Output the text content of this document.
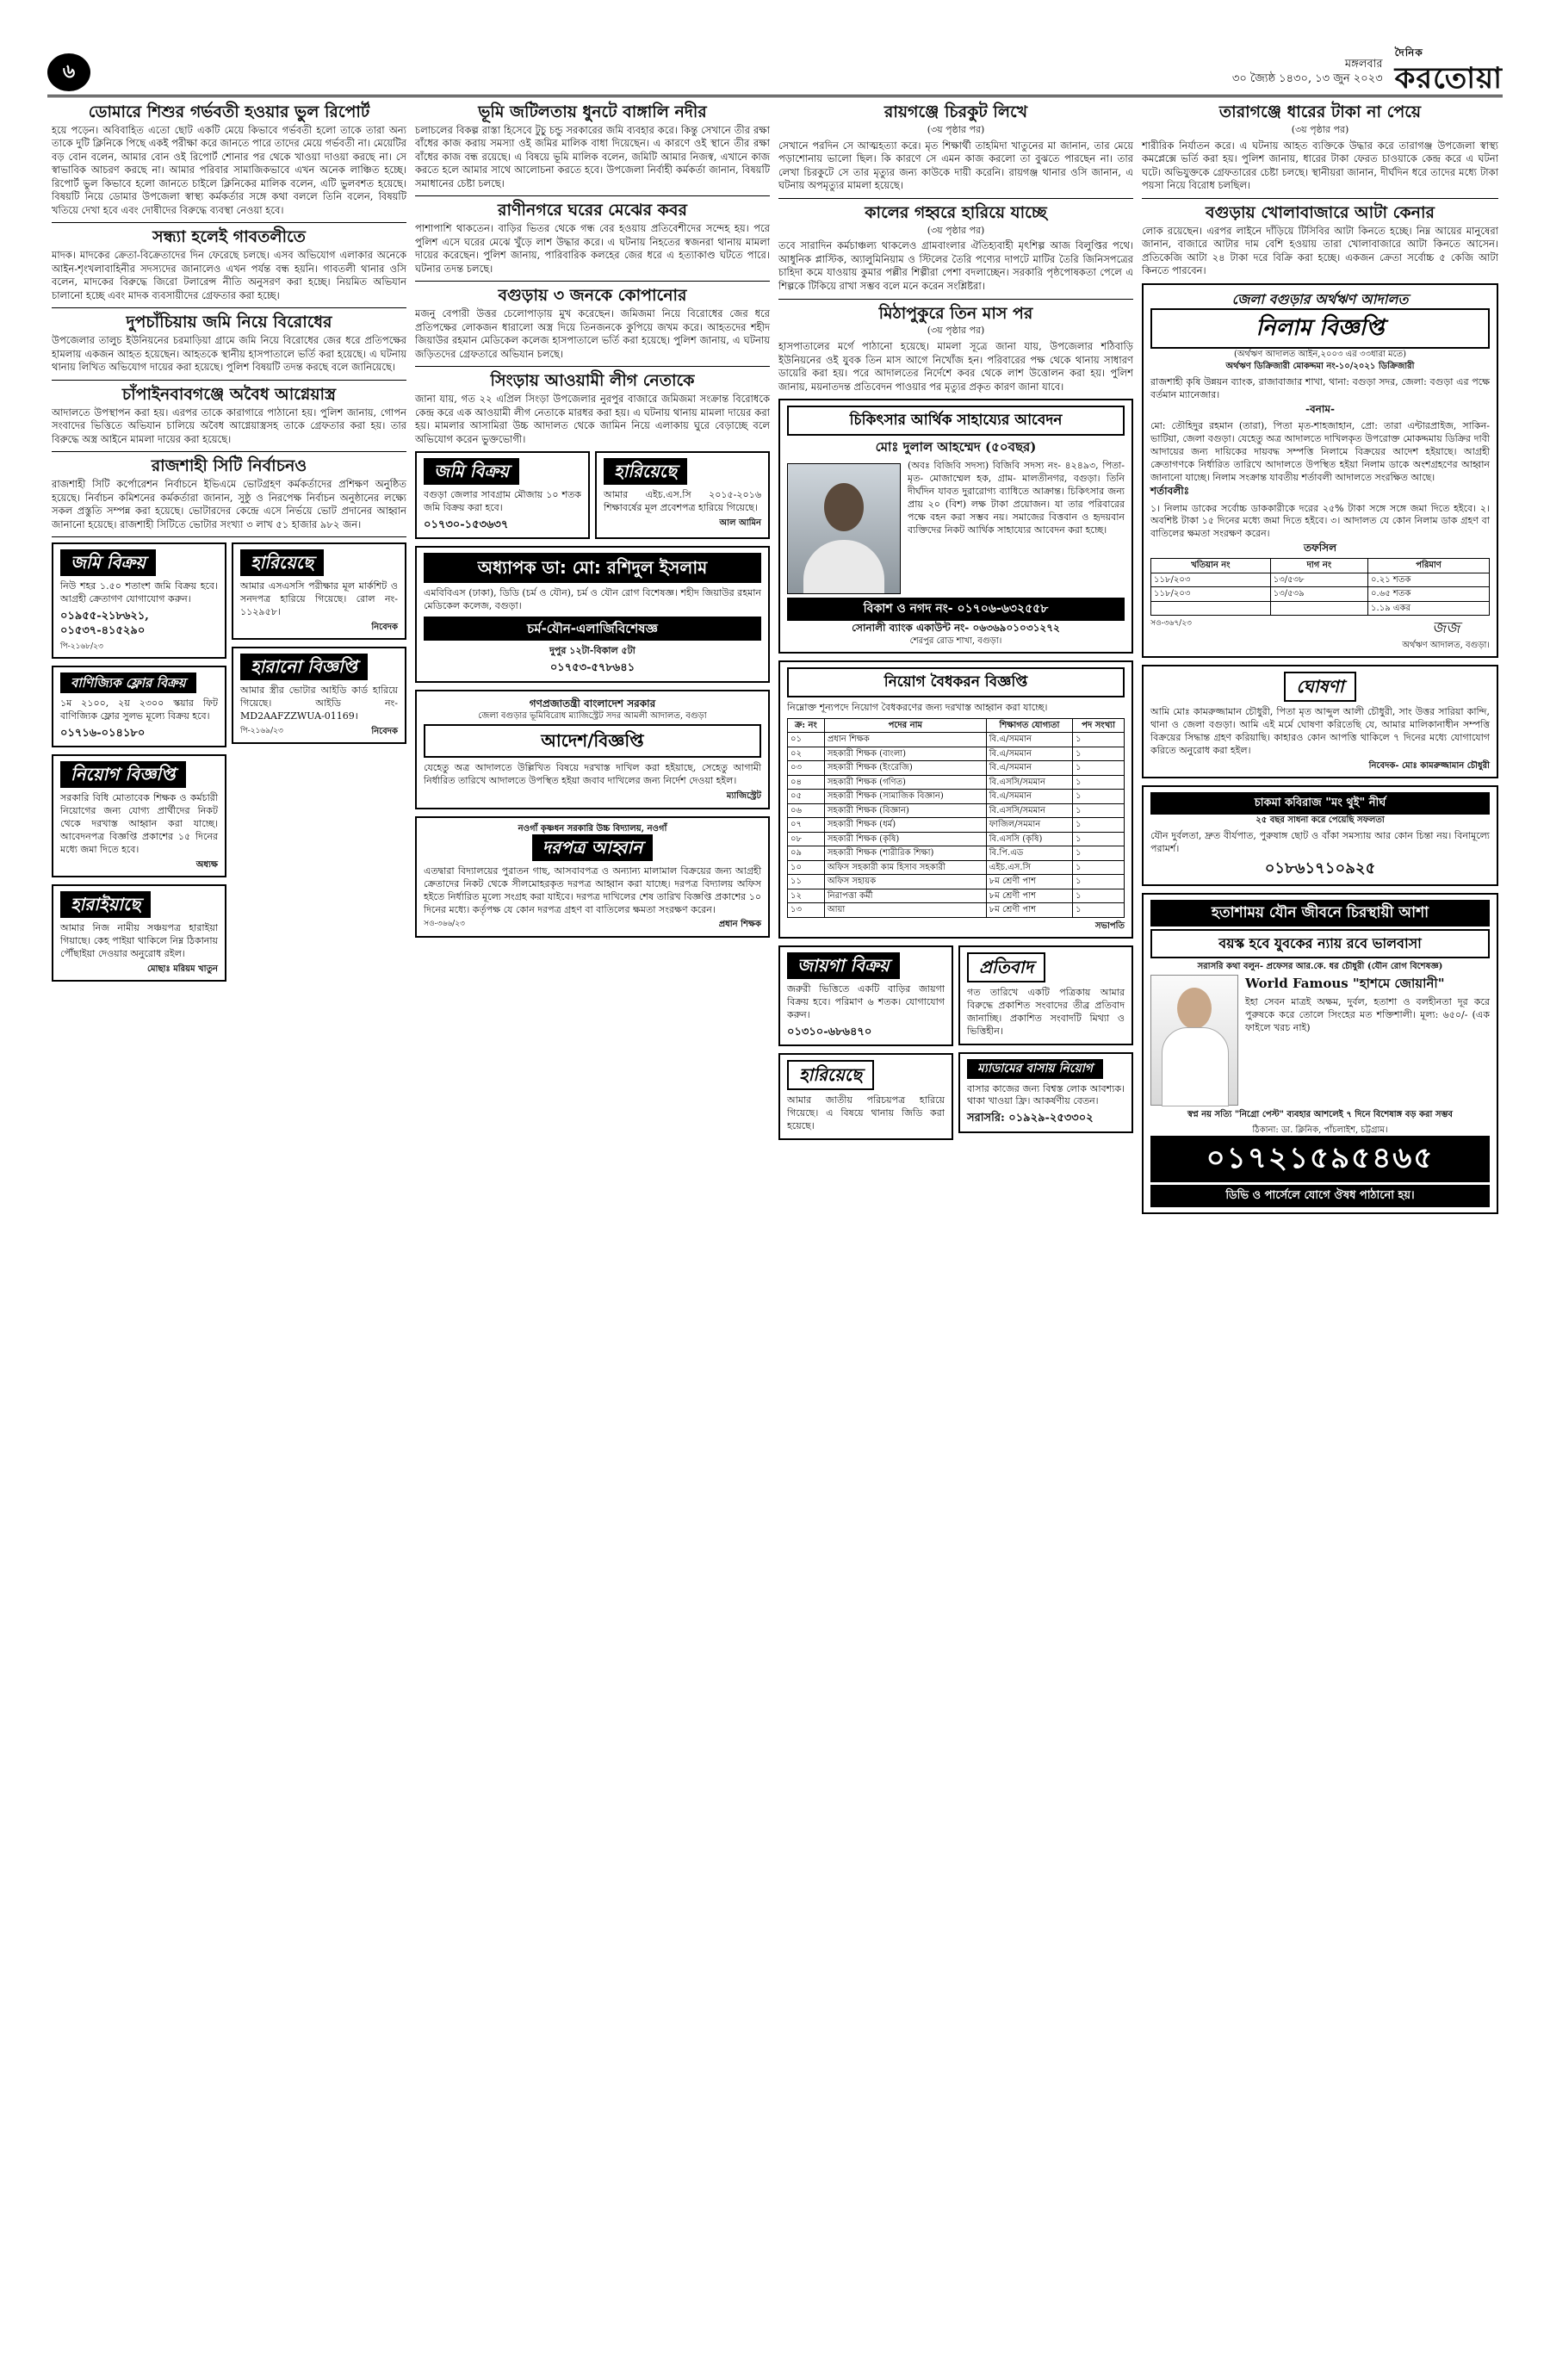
৬	মঙ্গলবার
৩০ জ্যৈষ্ঠ ১৪৩০, ১৩ জুন ২০২৩
দৈনিক
করতোয়া
ডোমারে শিশুর গর্ভবতী হওয়ার ভুল রিপোর্ট

হয়ে পড়েন। অবিবাহিত এতো ছোট একটি মেয়ে কিভাবে গর্ভবতী হলো তাকে তারা অন্য তাকে দুটি ক্লিনিকে পিছে একই পরীক্ষা করে জানতে পারে তাদের মেয়ে গর্ভবতী না। মেয়েটির বড় বোন বলেন, আমার বোন ওই রিপোর্ট শোনার পর থেকে খাওয়া দাওয়া করছে না। সে স্বাভাবিক আচরণ করছে না। আমার পরিবার সামাজিকভাবে এখন অনেক লাঞ্চিত হচ্ছে। রিপোর্ট ভুল কিভাবে হলো জানতে চাইলে ক্লিনিকের মালিক বলেন, এটি ভুলবশত হয়েছে। বিষয়টি নিয়ে ডোমার উপজেলা স্বাস্থ্য কর্মকর্তার সঙ্গে কথা বললে তিনি বলেন, বিষয়টি খতিয়ে দেখা হবে এবং দোষীদের বিরুদ্ধে ব্যবস্থা নেওয়া হবে।

সন্ধ্যা হলেই গাবতলীতে

মাদক। মাদকের ক্রেতা-বিক্রেতাদের দিন ফেরেছে চলছে। এসব অভিযোগ এলাকার অনেকে আইন-শৃংখলাবাহিনীর সদস্যদের জানালেও এখন পর্যন্ত বন্ধ হয়নি। গাবতলী থানার ওসি বলেন, মাদকের বিরুদ্ধে জিরো টলারেন্স নীতি অনুসরণ করা হচ্ছে। নিয়মিত অভিযান চালানো হচ্ছে এবং মাদক ব্যবসায়ীদের গ্রেফতার করা হচ্ছে।

দুপচাঁচিয়ায় জমি নিয়ে বিরোধের

উপজেলার তালুচ ইউনিয়নের চরমাড়িয়া গ্রামে জমি নিয়ে বিরোধের জের ধরে প্রতিপক্ষের হামলায় একজন আহত হয়েছেন। আহতকে স্থানীয় হাসপাতালে ভর্তি করা হয়েছে। এ ঘটনায় থানায় লিখিত অভিযোগ দায়ের করা হয়েছে। পুলিশ বিষয়টি তদন্ত করছে বলে জানিয়েছে।

চাঁপাইনবাবগঞ্জে অবৈধ আগ্নেয়াস্ত্র

আদালতে উপস্থাপন করা হয়। এরপর তাকে কারাগারে পাঠানো হয়। পুলিশ জানায়, গোপন সংবাদের ভিত্তিতে অভিযান চালিয়ে অবৈধ আগ্নেয়াস্ত্রসহ তাকে গ্রেফতার করা হয়। তার বিরুদ্ধে অস্ত্র আইনে মামলা দায়ের করা হয়েছে।

রাজশাহী সিটি নির্বাচনও

রাজশাহী সিটি কর্পোরেশন নির্বাচনে ইভিএমে ভোটগ্রহণ কর্মকর্তাদের প্রশিক্ষণ অনুষ্ঠিত হয়েছে। নির্বাচন কমিশনের কর্মকর্তারা জানান, সুষ্ঠু ও নিরপেক্ষ নির্বাচন অনুষ্ঠানের লক্ষ্যে সকল প্রস্তুতি সম্পন্ন করা হয়েছে। ভোটারদের কেন্দ্রে এসে নির্ভয়ে ভোট প্রদানের আহ্বান জানানো হয়েছে। রাজশাহী সিটিতে ভোটার সংখ্যা ৩ লাখ ৫১ হাজার ৯৮২ জন।

জমি বিক্রয়
নিউ শহর ১.৫০ শতাংশ জমি বিক্রয় হবে। আগ্রহী ক্রেতাগণ যোগাযোগ করুন।
০১৯৫৫-২১৮৬২১, ০১৫৩৭-৪১৫২৯০
পি-২১৬৮/২৩
বাণিজ্যিক ফ্লোর বিক্রয়
১ম ২১০০, ২য় ২৩০০ স্কয়ার ফিট বাণিজ্যিক ফ্লোর সুলভ মূল্যে বিক্রয় হবে।
০১৭১৬-০১৪১৮০
নিয়োগ বিজ্ঞপ্তি
সরকারি বিধি মোতাবেক শিক্ষক ও কর্মচারী নিয়োগের জন্য যোগ্য প্রার্থীদের নিকট থেকে দরখাস্ত আহ্বান করা যাচ্ছে। আবেদনপত্র বিজ্ঞপ্তি প্রকাশের ১৫ দিনের মধ্যে জমা দিতে হবে।
অধ্যক্ষ
হারাইয়াছে
আমার নিজ নামীয় সঞ্চয়পত্র হারাইয়া গিয়াছে। কেহ পাইয়া থাকিলে নিম্ন ঠিকানায় পৌঁছাইয়া দেওয়ার অনুরোধ রইল।
মোছাঃ মরিয়ম খাতুন
হারিয়েছে
আমার এসএসসি পরীক্ষার মূল মার্কশিট ও সনদপত্র হারিয়ে গিয়েছে। রোল নং- ১১২৯৫৮।
নিবেদক
হারানো বিজ্ঞপ্তি
আমার স্ত্রীর ভোটার আইডি কার্ড হারিয়ে গিয়েছে। আইডি নং- MD2AAFZZWUA-01169।
পি-২১৬৯/২৩	নিবেদক
ভূমি জটিলতায় ধুনটে বাঙ্গালি নদীর

চলাচলের বিকল্প রাস্তা হিসেবে টুচু চন্ডু সরকারের জমি ব্যবহার করে। কিন্তু সেখানে তীর রক্ষা বাঁধের কাজ করায় সমস্যা ওই জমির মালিক বাধা দিয়েছেন। এ কারণে ওই স্থানে তীর রক্ষা বাঁধের কাজ বন্ধ রয়েছে। এ বিষয়ে ভূমি মালিক বলেন, জমিটি আমার নিজস্ব, এখানে কাজ করতে হলে আমার সাথে আলোচনা করতে হবে। উপজেলা নির্বাহী কর্মকর্তা জানান, বিষয়টি সমাধানের চেষ্টা চলছে।

রাণীনগরে ঘরের মেঝের কবর

পাশাপাশি থাকতেন। বাড়ির ভিতর থেকে গন্ধ বের হওয়ায় প্রতিবেশীদের সন্দেহ হয়। পরে পুলিশ এসে ঘরের মেঝে খুঁড়ে লাশ উদ্ধার করে। এ ঘটনায় নিহতের স্বজনরা থানায় মামলা দায়ের করেছেন। পুলিশ জানায়, পারিবারিক কলহের জের ধরে এ হত্যাকাণ্ড ঘটতে পারে। ঘটনার তদন্ত চলছে।

বগুড়ায় ৩ জনকে কোপানোর

মজনু বেপারী উত্তর চেলোপাড়ায় মুখ করেছেন। জমিজমা নিয়ে বিরোধের জের ধরে প্রতিপক্ষের লোকজন ধারালো অস্ত্র দিয়ে তিনজনকে কুপিয়ে জখম করে। আহতদের শহীদ জিয়াউর রহমান মেডিকেল কলেজ হাসপাতালে ভর্তি করা হয়েছে। পুলিশ জানায়, এ ঘটনায় জড়িতদের গ্রেফতারে অভিযান চলছে।

সিংড়ায় আওয়ামী লীগ নেতাকে

জানা যায়, গত ২২ এপ্রিল সিংড়া উপজেলার নুরপুর বাজারে জমিজমা সংক্রান্ত বিরোধকে কেন্দ্র করে এক আওয়ামী লীগ নেতাকে মারধর করা হয়। এ ঘটনায় থানায় মামলা দায়ের করা হয়। মামলার আসামিরা উচ্চ আদালত থেকে জামিন নিয়ে এলাকায় ঘুরে বেড়াচ্ছে বলে অভিযোগ করেন ভুক্তভোগী।

জমি বিক্রয়
বগুড়া জেলার সাবগ্রাম মৌজায় ১০ শতক জমি বিক্রয় করা হবে।
০১৭৩০-১৫৩৬৩৭
হারিয়েছে
আমার এইচ.এস.সি ২০১৫-২০১৬ শিক্ষাবর্ষের মূল প্রবেশপত্র হারিয়ে গিয়েছে।
আল আমিন
অধ্যাপক ডা: মো: রশিদুল ইসলাম
এমবিবিএস (ঢাকা), ডিডি (চর্ম ও যৌন), চর্ম ও যৌন রোগ বিশেষজ্ঞ। শহীদ জিয়াউর রহমান মেডিকেল কলেজ, বগুড়া।
চর্ম-যৌন-এলার্জিবিশেষজ্ঞ
দুপুর ১২টা-বিকাল ৫টা
০১৭৫৩-৫৭৮৬৪১
গণপ্রজাতন্ত্রী বাংলাদেশ সরকার
জেলা বগুড়ার ভূমিবিরোধ ম্যাজিস্ট্রেট সদর আমলী আদালত, বগুড়া
আদেশ/বিজ্ঞপ্তি
যেহেতু অত্র আদালতে উল্লিখিত বিষয়ে দরখাস্ত দাখিল করা হইয়াছে, সেহেতু আগামী নির্ধারিত তারিখে আদালতে উপস্থিত হইয়া জবাব দাখিলের জন্য নির্দেশ দেওয়া হইল।
ম্যাজিস্ট্রেট
নওগাঁ কৃষ্ণধন সরকারি উচ্চ বিদ্যালয়, নওগাঁ
দরপত্র আহ্বান
এতদ্বারা বিদ্যালয়ের পুরাতন গাছ, আসবাবপত্র ও অন্যান্য মালামাল বিক্রয়ের জন্য আগ্রহী ক্রেতাদের নিকট থেকে সীলমোহরকৃত দরপত্র আহ্বান করা যাচ্ছে। দরপত্র বিদ্যালয় অফিস হইতে নির্ধারিত মূল্যে সংগ্রহ করা যাইবে। দরপত্র দাখিলের শেষ তারিখ বিজ্ঞপ্তি প্রকাশের ১০ দিনের মধ্যে। কর্তৃপক্ষ যে কোন দরপত্র গ্রহণ বা বাতিলের ক্ষমতা সংরক্ষণ করেন।
সও-৩৬৬/২৩	প্রধান শিক্ষক
রায়গঞ্জে চিরকুট লিখে
(৩য় পৃষ্ঠার পর)

সেখানে পরদিন সে আত্মহত্যা করে। মৃত শিক্ষার্থী তাহমিদা খাতুনের মা জানান, তার মেয়ে পড়াশোনায় ভালো ছিল। কি কারণে সে এমন কাজ করলো তা বুঝতে পারছেন না। তার লেখা চিরকুটে সে তার মৃত্যুর জন্য কাউকে দায়ী করেনি। রায়গঞ্জ থানার ওসি জানান, এ ঘটনায় অপমৃত্যুর মামলা হয়েছে।

কালের গহ্বরে হারিয়ে যাচ্ছে
(৩য় পৃষ্ঠার পর)

তবে সারাদিন কর্মচাঞ্চল্য থাকলেও গ্রামবাংলার ঐতিহ্যবাহী মৃৎশিল্প আজ বিলুপ্তির পথে। আধুনিক প্লাস্টিক, অ্যালুমিনিয়াম ও স্টিলের তৈরি পণ্যের দাপটে মাটির তৈরি জিনিসপত্রের চাহিদা কমে যাওয়ায় কুমার পল্লীর শিল্পীরা পেশা বদলাচ্ছেন। সরকারি পৃষ্ঠপোষকতা পেলে এ শিল্পকে টিকিয়ে রাখা সম্ভব বলে মনে করেন সংশ্লিষ্টরা।

মিঠাপুকুরে তিন মাস পর
(৩য় পৃষ্ঠার পর)

হাসপাতালের মর্গে পাঠানো হয়েছে। মামলা সূত্রে জানা যায়, উপজেলার শঠিবাড়ি ইউনিয়নের ওই যুবক তিন মাস আগে নিখোঁজ হন। পরিবারের পক্ষ থেকে থানায় সাধারণ ডায়েরি করা হয়। পরে আদালতের নির্দেশে কবর থেকে লাশ উত্তোলন করা হয়। পুলিশ জানায়, ময়নাতদন্ত প্রতিবেদন পাওয়ার পর মৃত্যুর প্রকৃত কারণ জানা যাবে।

চিকিৎসার আর্থিক সাহায্যের আবেদন
মোঃ দুলাল আহম্মেদ (৫০বছর)
(অবঃ বিজিবি সদস্য) বিজিবি সদস্য নং- ৪২৪৯৩, পিতা- মৃত- মোজাম্মেল হক, গ্রাম- মালতীনগর, বগুড়া। তিনি দীর্ঘদিন যাবত দুরারোগ্য ব্যাধিতে আক্রান্ত। চিকিৎসার জন্য প্রায় ২০ (বিশ) লক্ষ টাকা প্রয়োজন। যা তার পরিবারের পক্ষে বহন করা সম্ভব নয়। সমাজের বিত্তবান ও হৃদয়বান ব্যক্তিদের নিকট আর্থিক সাহায্যের আবেদন করা হচ্ছে।
বিকাশ ও নগদ নং- ০১৭০৬-৬৩২৫৫৮
সোনালী ব্যাংক একাউন্ট নং- ০৬৩৬৯০১০৩১২৭২
শেরপুর রোড শাখা, বগুড়া।
নিয়োগ বৈধকরন বিজ্ঞপ্তি
নিম্নোক্ত শূন্যপদে নিয়োগ বৈধকরণের জন্য দরখাস্ত আহ্বান করা যাচ্ছে।
ক্র: নং	পদের নাম	শিক্ষাগত যোগ্যতা	পদ সংখ্যা
০১	প্রধান শিক্ষক	বি.এ/সমমান	১
০২	সহকারী শিক্ষক (বাংলা)	বি.এ/সমমান	১
০৩	সহকারী শিক্ষক (ইংরেজি)	বি.এ/সমমান	১
০৪	সহকারী শিক্ষক (গণিত)	বি.এসসি/সমমান	১
০৫	সহকারী শিক্ষক (সামাজিক বিজ্ঞান)	বি.এ/সমমান	১
০৬	সহকারী শিক্ষক (বিজ্ঞান)	বি.এসসি/সমমান	১
০৭	সহকারী শিক্ষক (ধর্ম)	ফাজিল/সমমান	১
০৮	সহকারী শিক্ষক (কৃষি)	বি.এসসি (কৃষি)	১
০৯	সহকারী শিক্ষক (শারীরিক শিক্ষা)	বি.পি.এড	১
১০	অফিস সহকারী কাম হিসাব সহকারী	এইচ.এস.সি	১
১১	অফিস সহায়ক	৮ম শ্রেণী পাশ	১
১২	নিরাপত্তা কর্মী	৮ম শ্রেণী পাশ	১
১৩	আয়া	৮ম শ্রেণী পাশ	১
সভাপতি
জায়গা বিক্রয়
জরুরী ভিত্তিতে একটি বাড়ির জায়গা বিক্রয় হবে। পরিমাণ ৬ শতক। যোগাযোগ করুন।
০১৩১০-৬৮৬৪৭০
হারিয়েছে
আমার জাতীয় পরিচয়পত্র হারিয়ে গিয়েছে। এ বিষয়ে থানায় জিডি করা হয়েছে।
প্রতিবাদ
গত তারিখে একটি পত্রিকায় আমার বিরুদ্ধে প্রকাশিত সংবাদের তীব্র প্রতিবাদ জানাচ্ছি। প্রকাশিত সংবাদটি মিথ্যা ও ভিত্তিহীন।
ম্যাডামের বাসায় নিয়োগ
বাসার কাজের জন্য বিশ্বস্ত লোক আবশ্যক। থাকা খাওয়া ফ্রি। আকর্ষণীয় বেতন।
সরাসরি: ০১৯২৯-২৫৩৩০২
তারাগঞ্জে ধারের টাকা না পেয়ে
(৩য় পৃষ্ঠার পর)

শারীরিক নির্যাতন করে। এ ঘটনায় আহত ব্যক্তিকে উদ্ধার করে তারাগঞ্জ উপজেলা স্বাস্থ্য কমপ্লেক্সে ভর্তি করা হয়। পুলিশ জানায়, ধারের টাকা ফেরত চাওয়াকে কেন্দ্র করে এ ঘটনা ঘটে। অভিযুক্তকে গ্রেফতারের চেষ্টা চলছে। স্থানীয়রা জানান, দীর্ঘদিন ধরে তাদের মধ্যে টাকা পয়সা নিয়ে বিরোধ চলছিল।

বগুড়ায় খোলাবাজারে আটা কেনার

লোক রয়েছেন। এরপর লাইনে দাঁড়িয়ে টিসিবির আটা কিনতে হচ্ছে। নিম্ন আয়ের মানুষেরা জানান, বাজারে আটার দাম বেশি হওয়ায় তারা খোলাবাজারে আটা কিনতে আসেন। প্রতিকেজি আটা ২৪ টাকা দরে বিক্রি করা হচ্ছে। একজন ক্রেতা সর্বোচ্চ ৫ কেজি আটা কিনতে পারবেন।

জেলা বগুড়ার অর্থঋণ আদালত
নিলাম বিজ্ঞপ্তি
(অর্থঋণ আদালত আইন,২০০৩ এর ৩৩ধারা মতে)
অর্থঋণ ডিক্রিজারী মোকদ্দমা নং-১০/২০২১ ডিক্রিজারী
রাজশাহী কৃষি উন্নয়ন ব্যাংক, রাজাবাজার শাখা, থানা: বগুড়া সদর, জেলা: বগুড়া এর পক্ষে বর্তমান ম্যানেজার।
-বনাম-
মো: তৌহিদুর রহমান (তারা), পিতা মৃত-শাহজাহান, প্রো: তারা এন্টারপ্রাইজ, সাকিন-ভাটিয়া, জেলা বগুড়া। যেহেতু অত্র আদালতে দাখিলকৃত উপরোক্ত মোকদ্দমায় ডিক্রির দাবী আদায়ের জন্য দায়িকের দায়বদ্ধ সম্পত্তি নিলামে বিক্রয়ের আদেশ হইয়াছে। আগ্রহী ক্রেতাগণকে নির্ধারিত তারিখে আদালতে উপস্থিত হইয়া নিলাম ডাকে অংশগ্রহণের আহ্বান জানানো যাচ্ছে। নিলাম সংক্রান্ত যাবতীয় শর্তাবলী আদালতে সংরক্ষিত আছে।
শর্তাবলীঃ
১। নিলাম ডাকের সর্বোচ্চ ডাককারীকে দরের ২৫% টাকা সঙ্গে সঙ্গে জমা দিতে হইবে। ২। অবশিষ্ট টাকা ১৫ দিনের মধ্যে জমা দিতে হইবে। ৩। আদালত যে কোন নিলাম ডাক গ্রহণ বা বাতিলের ক্ষমতা সংরক্ষণ করেন।
তফসিল
খতিয়ান নং	দাগ নং	পরিমাণ
১১৮/২০৩	১৩/৫৩৮	০.২১ শতক
১১৮/২০৩	১৩/৫৩৯	০.৬৫ শতক
		১.১৯ একর
সও-৩৬৭/২৩	জজ
অর্থঋণ আদালত, বগুড়া।
ঘোষণা
আমি মোঃ কামরুজ্জামান চৌধুরী, পিতা মৃত আব্দুল আলী চৌধুরী, সাং উত্তর সারিয়া কান্দি, থানা ও জেলা বগুড়া। আমি এই মর্মে ঘোষণা করিতেছি যে, আমার মালিকানাধীন সম্পত্তি বিক্রয়ের সিদ্ধান্ত গ্রহণ করিয়াছি। কাহারও কোন আপত্তি থাকিলে ৭ দিনের মধ্যে যোগাযোগ করিতে অনুরোধ করা হইল।
নিবেদক- মোঃ কামরুজ্জামান চৌধুরী
চাকমা কবিরাজ "মং থুই" নীর্ঘ
২৫ বছর সাধনা করে পেয়েছি সফলতা
যৌন দুর্বলতা, দ্রুত বীর্যপাত, পুরুষাঙ্গ ছোট ও বাঁকা সমস্যায় আর কোন চিন্তা নয়। বিনামূল্যে পরামর্শ।
০১৮৬১৭১০৯২৫
হতাশাময় যৌন জীবনে চিরস্থায়ী আশা
বয়স্ক হবে যুবকের ন্যায় রবে ভালবাসা
সরাসরি কথা বলুন- প্রফেসর আর.কে. ধর চৌধুরী (যৌন রোগ বিশেষজ্ঞ)
World Famous "হাশমে জোয়ানী"
ইহা সেবন মাত্রই অক্ষম, দুর্বল, হতাশা ও বলহীনতা দূর করে পুরুষকে করে তোলে সিংহের মত শক্তিশালী। মূল্য: ৬৫০/- (এক ফাইলে খরচ নাই)
স্বপ্ন নয় সত্যি "নিগ্রো পেস্ট" ব্যবহার আশলেই ৭ দিনে বিশেষাঙ্গ বড় করা সম্ভব
ঠিকানা: ডা. ক্লিনিক, পাঁচলাইশ, চট্টগ্রাম।
০১৭২১৫৯৫৪৬৫
ডিভি ও পার্সেলে যোগে ঔষধ পাঠানো হয়।
